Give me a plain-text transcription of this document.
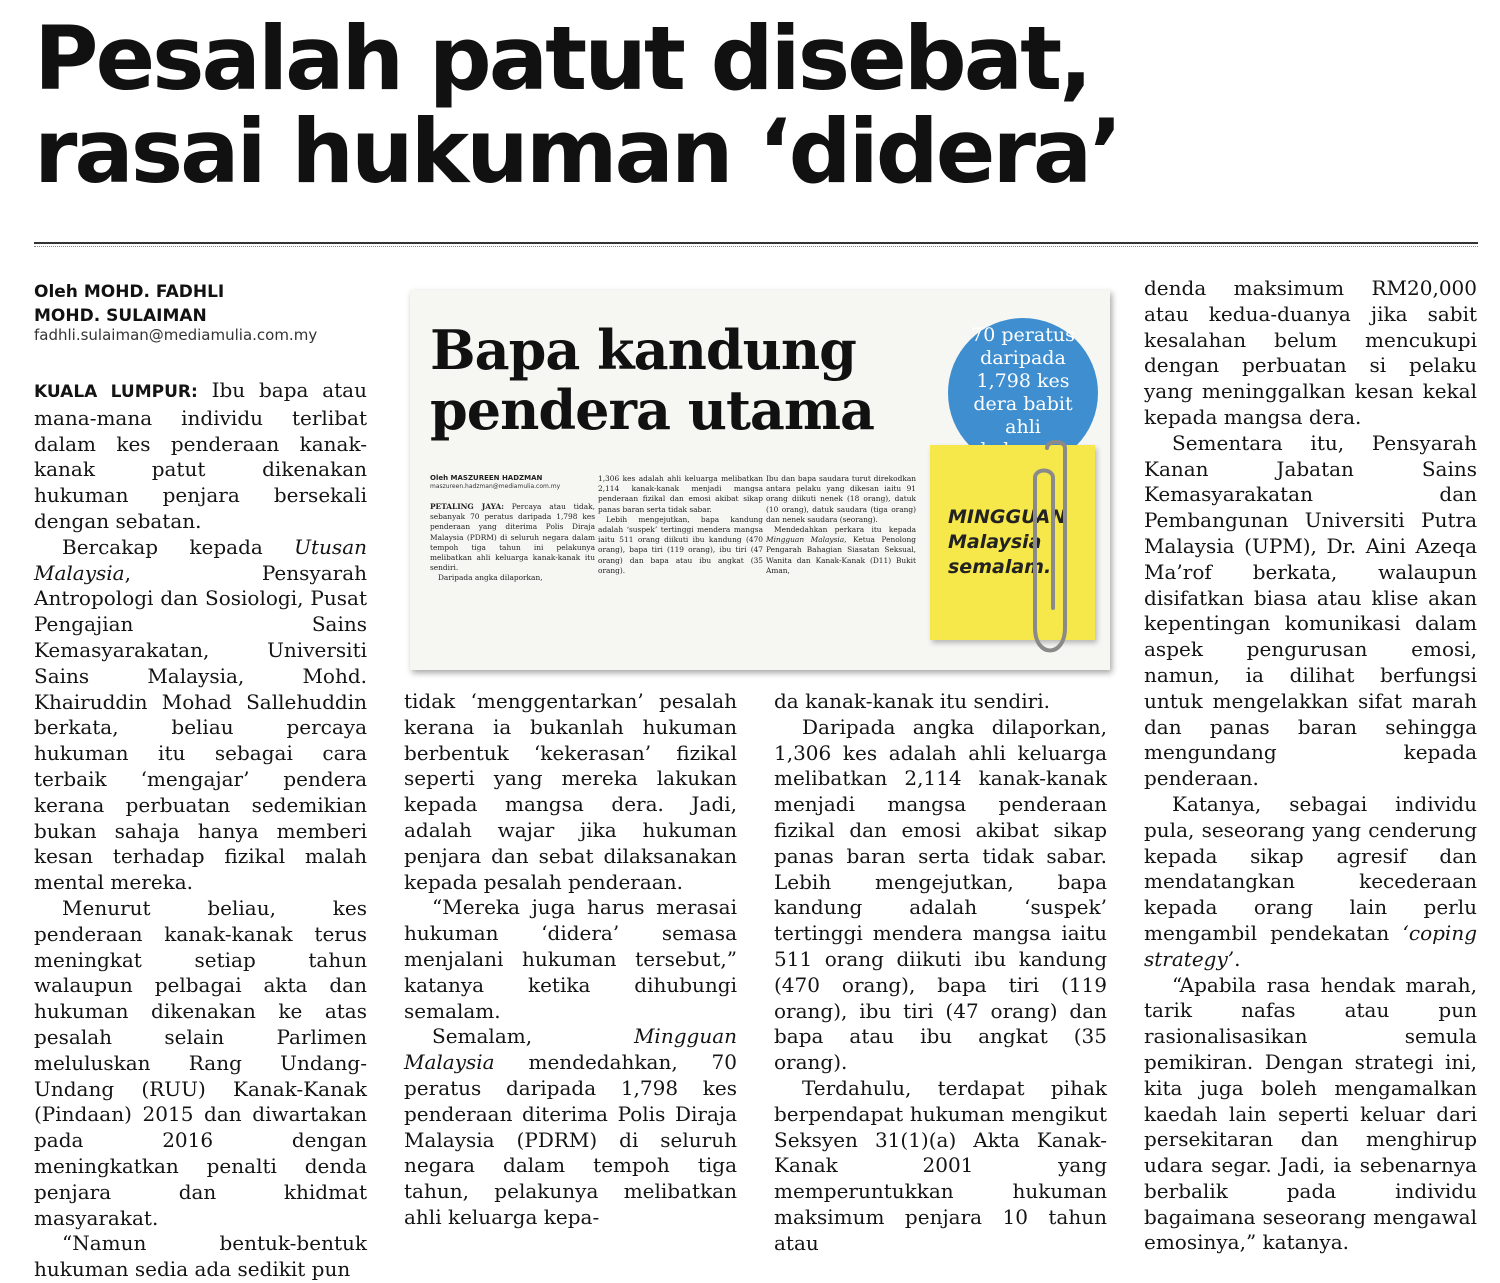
Pesalah patut disebat,
rasai hukuman ‘didera’
Oleh MOHD. FADHLI
MOHD. SULAIMAN
fadhli.sulaiman@mediamulia.com.my

KUALA LUMPUR: Ibu bapa atau mana-mana individu terlibat dalam kes penderaan kanak-kanak patut dikenakan hukuman penjara bersekali dengan sebatan.

Bercakap kepada Utusan Malaysia, Pensyarah Antropologi dan Sosiologi, Pusat Pengajian Sains Kemasyarakatan, Universiti Sains Malaysia, Mohd. Khairuddin Mohad Sallehuddin berkata, beliau percaya hukuman itu sebagai cara terbaik ‘mengajar’ pendera kerana perbuatan sedemikian bukan sahaja hanya memberi kesan terhadap fizikal malah mental mereka.

Menurut beliau, kes penderaan kanak-kanak terus meningkat setiap tahun walaupun pelbagai akta dan hukuman dikenakan ke atas pesalah selain Parlimen meluluskan Rang Undang-Undang (RUU) Kanak-Kanak (Pindaan) 2015 dan diwartakan pada 2016 dengan meningkatkan penalti denda penjara dan khidmat masyarakat.

“Namun bentuk-bentuk hukuman sedia ada sedikit pun

Bapa kandung
pendera utama
Oleh MASZUREEN HADZMAN
maszureen.hadzman@mediamulia.com.my

PETALING JAYA: Percaya atau tidak, sebanyak 70 peratus daripada 1,798 kes penderaan yang diterima Polis Diraja Malaysia (PDRM) di seluruh negara dalam tempoh tiga tahun ini pelakunya melibatkan ahli keluarga kanak-kanak itu sendiri.

Daripada angka dilaporkan,

1,306 kes adalah ahli keluarga melibatkan 2,114 kanak-kanak menjadi mangsa penderaan fizikal dan emosi akibat sikap panas baran serta tidak sabar.

Lebih mengejutkan, bapa kandung adalah ‘suspek’ tertinggi mendera mangsa iaitu 511 orang diikuti ibu kandung (470 orang), bapa tiri (119 orang), ibu tiri (47 orang) dan bapa atau ibu angkat (35 orang).

Ibu dan bapa saudara turut direkodkan antara pelaku yang dikesan iaitu 91 orang diikuti nenek (18 orang), datuk (10 orang), datuk saudara (tiga orang) dan nenek saudara (seorang).

Mendedahkan perkara itu kepada Mingguan Malaysia, Ketua Penolong Pengarah Bahagian Siasatan Seksual, Wanita dan Kanak-Kanak (D11) Bukit Aman,

70 peratus daripada 1,798 kes dera babit ahli
MINGGUAN
Malaysia
semalam.

tidak ‘menggentarkan’ pesalah kerana ia bukanlah hukuman berbentuk ‘kekerasan’ fizikal seperti yang mereka lakukan kepada mangsa dera. Jadi, adalah wajar jika hukuman penjara dan sebat dilaksanakan kepada pesalah penderaan.

“Mereka juga harus merasai hukuman ‘didera’ semasa menjalani hukuman tersebut,” katanya ketika dihubungi semalam.

Semalam, Mingguan Malaysia mendedahkan, 70 peratus daripada 1,798 kes penderaan diterima Polis Diraja Malaysia (PDRM) di seluruh negara dalam tempoh tiga tahun, pelakunya melibatkan ahli keluarga kepa-

da kanak-kanak itu sendiri.

Daripada angka dilaporkan, 1,306 kes adalah ahli keluarga melibatkan 2,114 kanak-kanak menjadi mangsa penderaan fizikal dan emosi akibat sikap panas baran serta tidak sabar. Lebih mengejutkan, bapa kandung adalah ‘suspek’ tertinggi mendera mangsa iaitu 511 orang diikuti ibu kandung (470 orang), bapa tiri (119 orang), ibu tiri (47 orang) dan bapa atau ibu angkat (35 orang).

Terdahulu, terdapat pihak berpendapat hukuman mengikut Seksyen 31(1)(a) Akta Kanak-Kanak 2001 yang memperuntukkan hukuman maksimum penjara 10 tahun atau

denda maksimum RM20,000 atau kedua-duanya jika sabit kesalahan belum mencukupi dengan perbuatan si pelaku yang meninggalkan kesan kekal kepada mangsa dera.

Sementara itu, Pensyarah Kanan Jabatan Sains Kemasyarakatan dan Pembangunan Universiti Putra Malaysia (UPM), Dr. Aini Azeqa Ma’rof berkata, walaupun disifatkan biasa atau klise akan kepentingan komunikasi dalam aspek pengurusan emosi, namun, ia dilihat berfungsi untuk mengelakkan sifat marah dan panas baran sehingga mengundang kepada penderaan.

Katanya, sebagai individu pula, seseorang yang cenderung kepada sikap agresif dan mendatangkan kecederaan kepada orang lain perlu mengambil pendekatan ‘coping strategy’.

“Apabila rasa hendak marah, tarik nafas atau pun rasionalisasikan semula pemikiran. Dengan strategi ini, kita juga boleh mengamalkan kaedah lain seperti keluar dari persekitaran dan menghirup udara segar. Jadi, ia sebenarnya berbalik pada individu bagaimana seseorang mengawal emosinya,” katanya.
